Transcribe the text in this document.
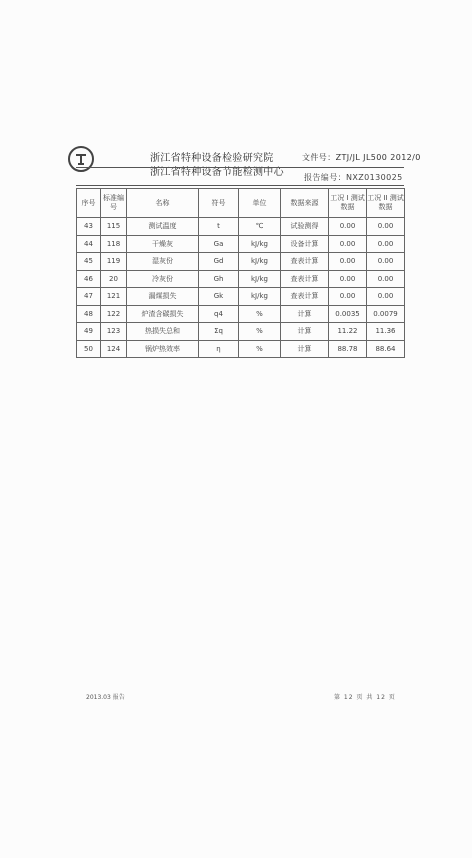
浙江省特种设备检验研究院
浙江省特种设备节能检测中心
文件号：ZTJ/JL JL500 2012/0
报告编号：NXZ0130025
序号	标准编号	名称	符号	单位	数据来源	工况 I 测试数据	工况 II 测试数据
43	115	测试温度	t	℃	试验测得	0.00	0.00
44	118	干燥灰	Ga	kJ/kg	设备计算	0.00	0.00
45	119	湿灰份	Gd	kJ/kg	查表计算	0.00	0.00
46	20	冷灰份	Gh	kJ/kg	查表计算	0.00	0.00
47	121	漏煤损失	Gk	kJ/kg	查表计算	0.00	0.00
48	122	炉渣含碳损失	q4	%	计算	0.0035	0.0079
49	123	热损失总和	Σq	%	计算	11.22	11.36
50	124	锅炉热效率	η	%	计算	88.78	88.64
2013.03 报告	第 12 页 共 12 页
